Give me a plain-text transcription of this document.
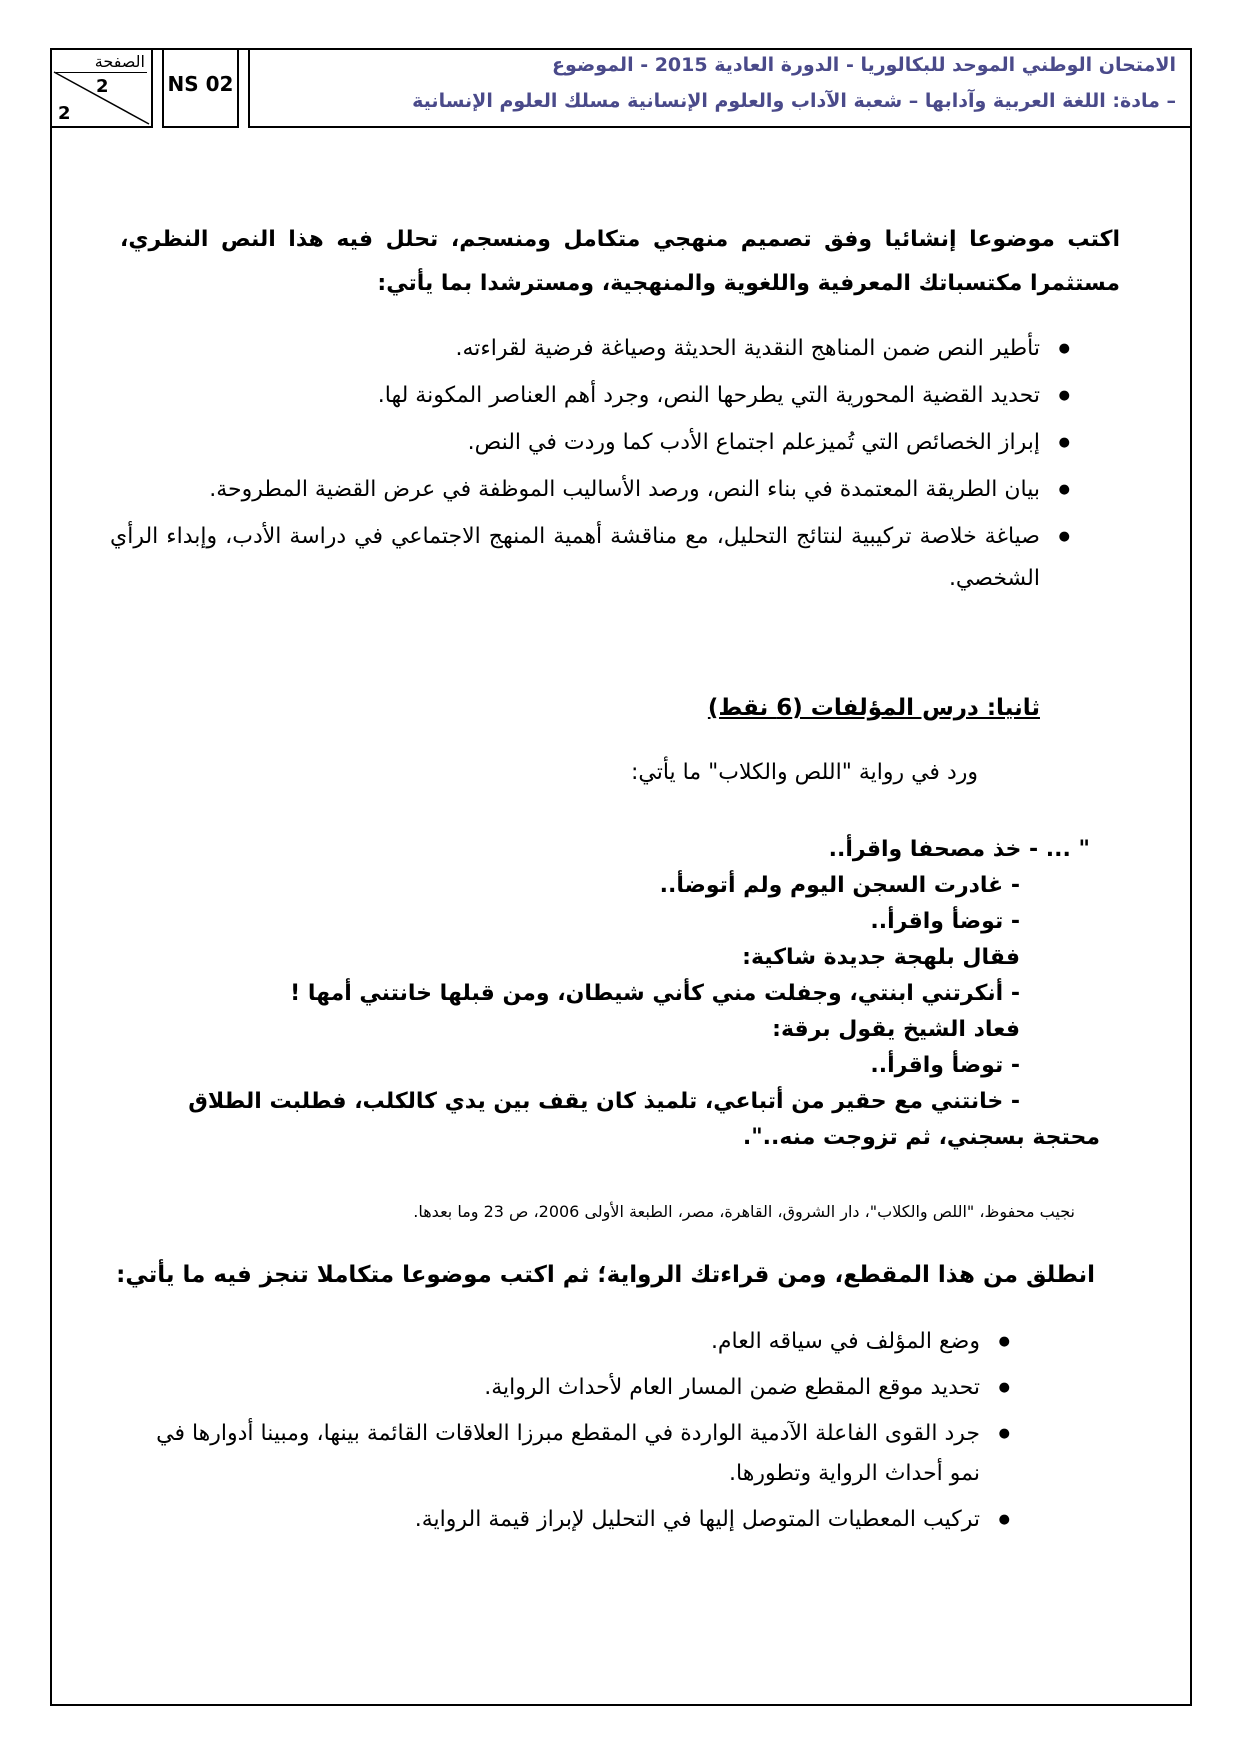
الصفحة
2
2
NS 02
الامتحان الوطني الموحد للبكالوريا - الدورة العادية 2015 - الموضوع
– مادة: اللغة العربية وآدابها – شعبة الآداب والعلوم الإنسانية مسلك العلوم الإنسانية
اكتب موضوعا إنشائيا وفق تصميم منهجي متكامل ومنسجم، تحلل فيه هذا النص النظري، مستثمرا مكتسباتك المعرفية واللغوية والمنهجية، ومسترشدا بما يأتي:
● تأطير النص ضمن المناهج النقدية الحديثة وصياغة فرضية لقراءته.
● تحديد القضية المحورية التي يطرحها النص، وجرد أهم العناصر المكونة لها.
● إبراز الخصائص التي تُميزعلم اجتماع الأدب كما وردت في النص.
● بيان الطريقة المعتمدة في بناء النص، ورصد الأساليب الموظفة في عرض القضية المطروحة.
● صياغة خلاصة تركيبية لنتائج التحليل، مع مناقشة أهمية المنهج الاجتماعي في دراسة الأدب، وإبداء الرأي الشخصي.
ثانيا: درس المؤلفات (6 نقط)
ورد في رواية "اللص والكلاب" ما يأتي:

" ... - خذ مصحفا واقرأ..

- غادرت السجن اليوم ولم أتوضأ..

- توضأ واقرأ..

فقال بلهجة جديدة شاكية:

- أنكرتني ابنتي، وجفلت مني كأني شيطان، ومن قبلها خانتني أمها !

فعاد الشيخ يقول برقة:

- توضأ واقرأ..

- خانتني مع حقير من أتباعي، تلميذ كان يقف بين يدي كالكلب، فطلبت الطلاق

محتجة بسجني، ثم تزوجت منه..".

نجيب محفوظ، "اللص والكلاب"، دار الشروق، القاهرة، مصر، الطبعة الأولى 2006، ص 23 وما بعدها.
انطلق من هذا المقطع، ومن قراءتك الرواية؛ ثم اكتب موضوعا متكاملا تنجز فيه ما يأتي:
● وضع المؤلف في سياقه العام.
● تحديد موقع المقطع ضمن المسار العام لأحداث الرواية.
● جرد القوى الفاعلة الآدمية الواردة في المقطع مبرزا العلاقات القائمة بينها، ومبينا أدوارها في نمو أحداث الرواية وتطورها.
● تركيب المعطيات المتوصل إليها في التحليل لإبراز قيمة الرواية.
